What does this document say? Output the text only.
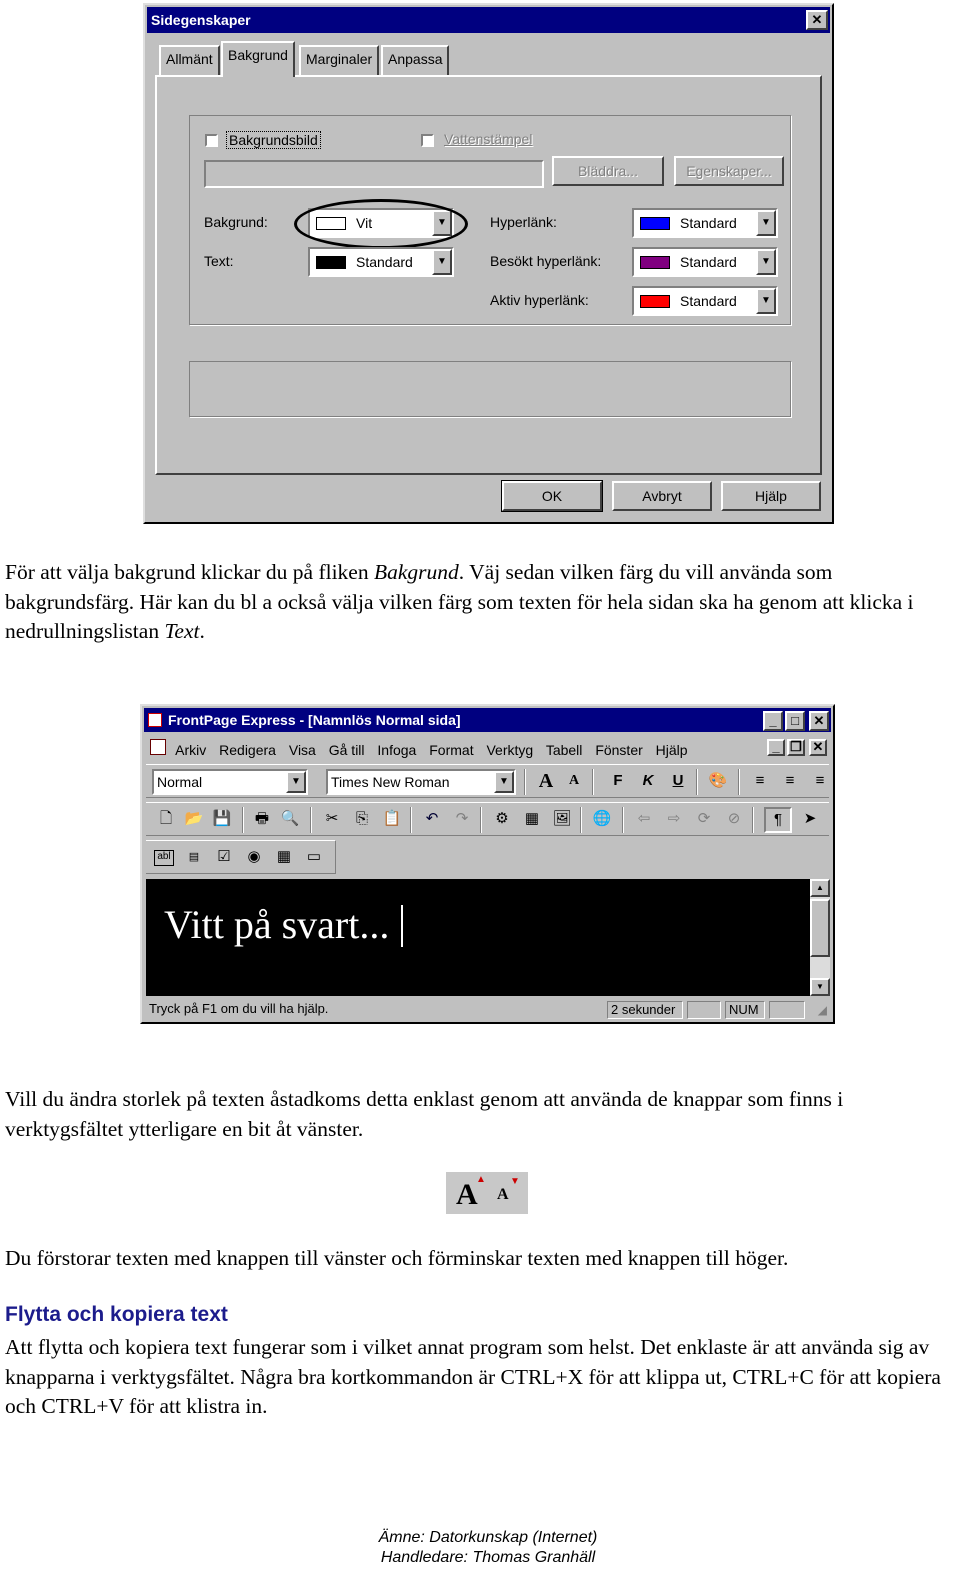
Sidegenskaper	✕
Allmänt	Bakgrund	Marginaler	Anpassa
Bakgrundsbild	Vattenstämpel
Bläddra...	Egenskaper...
Bakgrund:	Vit	▼
Text:	Standard	▼
Hyperlänk:	Standard	▼
Besökt hyperlänk:	Standard	▼
Aktiv hyperlänk:	Standard	▼
OK	Avbryt	Hjälp
För att välja bakgrund klickar du på fliken Bakgrund. Väj sedan vilken färg du vill använda som bakgrundsfärg. Här kan du bl a också välja vilken färg som texten för hela sidan ska ha genom att klicka i nedrullningslistan Text.
FrontPage Express - [Namnlös Normal sida]	_	□	✕
Arkiv Redigera Visa Gå till Infoga Format Verktyg Tabell Fönster Hjälp	_ ❐ ✕
Normal	▼	Times New Roman	▼ A	A	F	K	U	🎨	≡	≡	≡
🗋 📂 💾 🖶 🔍 ✂ ⎘ 📋 ↶ ↷ ⚙ ▦ 🖼 🌐 ⇦ ⇨ ⟳ ⊘	¶	➤
abl	▤	☑ ◉ ▦ ▭
Vitt på svart...
▲
▼
Tryck på F1 om du vill ha hjälp.	2 sekunder	NUM	◢
Vill du ändra storlek på texten åstadkoms detta enklast genom att använda de knappar som finns i verktygsfältet ytterligare en bit åt vänster.
A
▲
A
▼
Du förstorar texten med knappen till vänster och förminskar texten med knappen till höger.
Flytta och kopiera text
Att flytta och kopiera text fungerar som i vilket annat program som helst. Det enklaste är att använda sig av knapparna i verktygsfältet. Några bra kortkommandon är CTRL+X för att klippa ut, CTRL+C för att kopiera och CTRL+V för att klistra in.
Ämne: Datorkunskap (Internet)
Handledare: Thomas Granhäll
